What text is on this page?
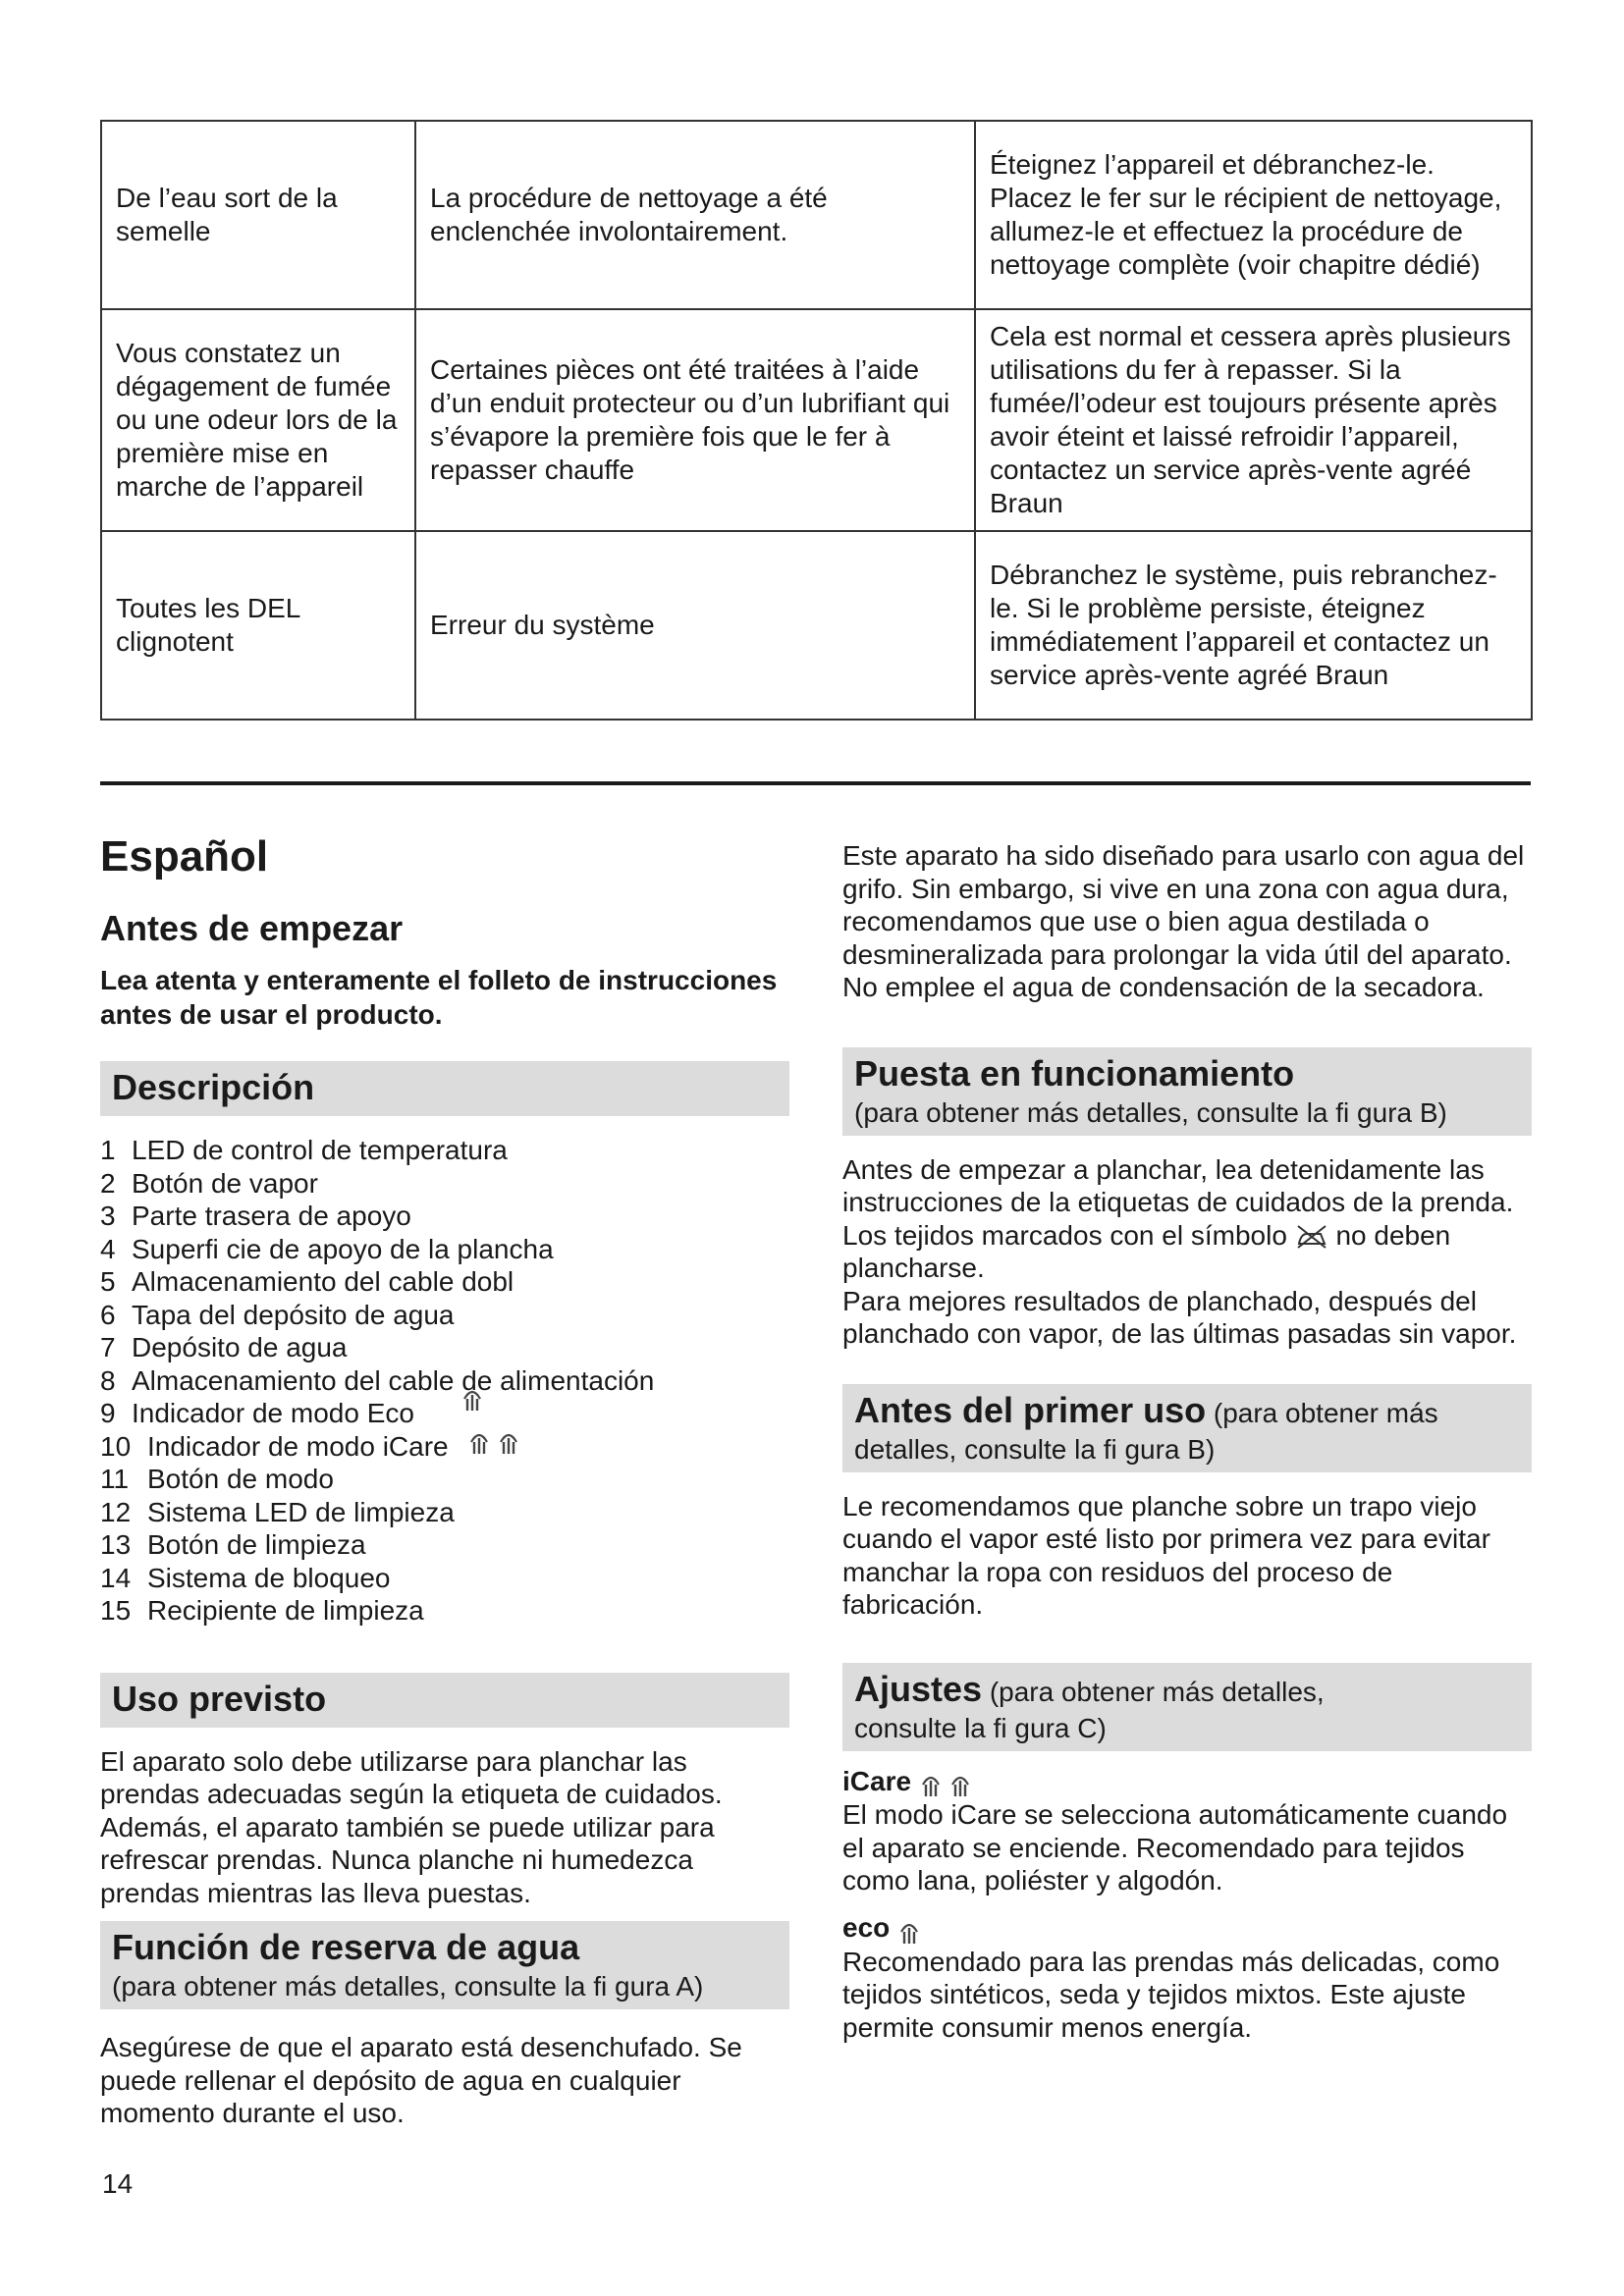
De l’eau sort de la semelle	La procédure de nettoyage a été enclenchée involontairement.	Éteignez l’appareil et débranchez-le. Placez le fer sur le récipient de nettoyage, allumez-le et effectuez la procédure de nettoyage complète (voir chapitre dédié)
Vous constatez un dégagement de fumée ou une odeur lors de la première mise en marche de l’appareil	Certaines pièces ont été traitées à l’aide d’un enduit protecteur ou d’un lubrifiant qui s’évapore la première fois que le fer à repasser chauffe	Cela est normal et cessera après plusieurs utilisations du fer à repasser. Si la fumée/l’odeur est toujours présente après avoir éteint et laissé refroidir l’appareil, contactez un service après-vente agréé Braun
Toutes les DEL clignotent	Erreur du système	Débranchez le système, puis rebranchez-le. Si le problème persiste, éteignez immédiatement l’appareil et contactez un service après-vente agréé Braun
Español
Antes de empezar

Lea atenta y enteramente el folleto de instrucciones antes de usar el producto.

Descripción
1 LED de control de temperatura
2 Botón de vapor
3 Parte trasera de apoyo
4 Superfi cie de apoyo de la plancha
5 Almacenamiento del cable dobl
6 Tapa del depósito de agua
7 Depósito de agua
8 Almacenamiento del cable de alimentación
9 Indicador de modo Eco
10 Indicador de modo iCare
11 Botón de modo
12 Sistema LED de limpieza
13 Botón de limpieza
14 Sistema de bloqueo
15 Recipiente de limpieza
Uso previsto

El aparato solo debe utilizarse para planchar las prendas adecuadas según la etiqueta de cuidados. Además, el aparato también se puede utilizar para refrescar prendas. Nunca planche ni humedezca prendas mientras las lleva puestas.

Función de reserva de agua
(para obtener más detalles, consulte la fi gura A)

Asegúrese de que el aparato está desenchufado. Se puede rellenar el depósito de agua en cualquier momento durante el uso.

Este aparato ha sido diseñado para usarlo con agua del grifo. Sin embargo, si vive en una zona con agua dura, recomendamos que use o bien agua destilada o desmineralizada para prolongar la vida útil del aparato. No emplee el agua de condensación de la secadora.

Puesta en funcionamiento
(para obtener más detalles, consulte la fi gura B)

Antes de empezar a planchar, lea detenidamente las instrucciones de la etiquetas de cuidados de la prenda. Los tejidos marcados con el símbolo no deben plancharse.
Para mejores resultados de planchado, después del planchado con vapor, de las últimas pasadas sin vapor.

Antes del primer uso (para obtener más
detalles, consulte la fi gura B)

Le recomendamos que planche sobre un trapo viejo cuando el vapor esté listo por primera vez para evitar manchar la ropa con residuos del proceso de fabricación.

Ajustes (para obtener más detalles,
consulte la fi gura C)
iCare

El modo iCare se selecciona automáticamente cuando el aparato se enciende. Recomendado para tejidos como lana, poliéster y algodón.

eco

Recomendado para las prendas más delicadas, como tejidos sintéticos, seda y tejidos mixtos. Este ajuste permite consumir menos energía.

14
